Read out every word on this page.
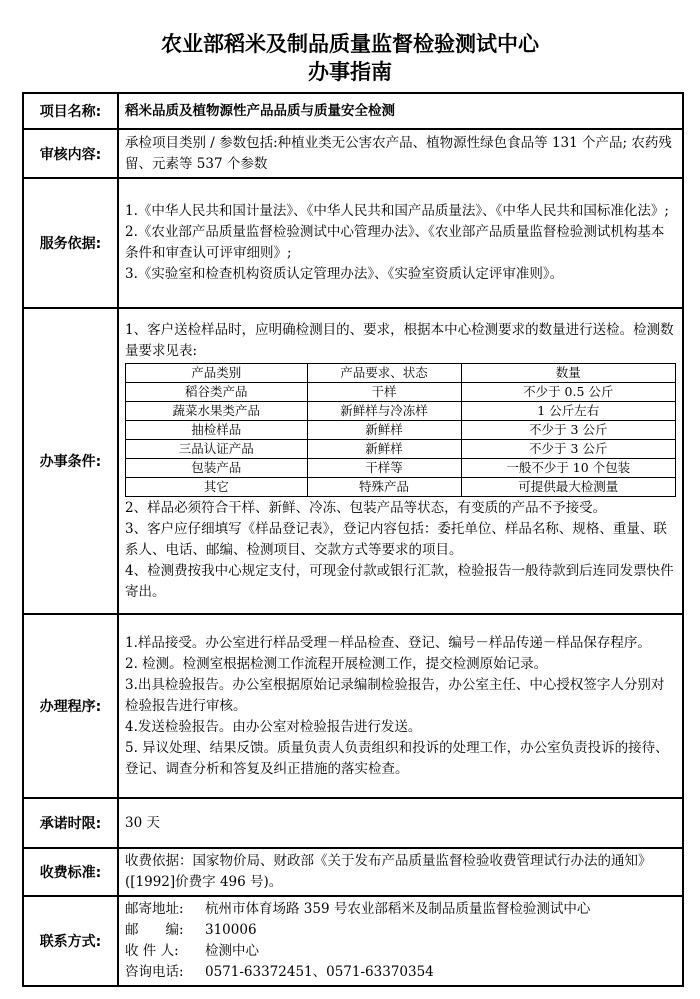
农业部稻米及制品质量监督检验测试中心
办事指南
项目名称:	稻米品质及植物源性产品品质与质量安全检测
审核内容:	承检项目类别 / 参数包括:种植业类无公害农产品、植物源性绿色食品等 131 个产品; 农药残留、元素等 537 个参数
服务依据:	
1.《中华人民共和国计量法》、《中华人民共和国产品质量法》、《中华人民共和国标准化法》;
2.《农业部产品质量监督检验测试中心管理办法》、《农业部产品质量监督检验测试机构基本条件和审查认可评审细则》;
3.《实验室和检查机构资质认定管理办法》、《实验室资质认定评审准则》。

办事条件:	
1、客户送检样品时，应明确检测目的、要求，根据本中心检测要求的数量进行送检。检测数量要求见表:
产品类别	产品要求、状态	数量
稻谷类产品	干样	不少于 0.5 公斤
蔬菜水果类产品	新鲜样与冷冻样	1 公斤左右
抽检样品	新鲜样	不少于 3 公斤
三品认证产品	新鲜样	不少于 3 公斤
包装产品	干样等	一般不少于 10 个包装
其它	特殊产品	可提供最大检测量
2、样品必须符合干样、新鲜、冷冻、包装产品等状态，有变质的产品不予接受。
3、客户应仔细填写《样品登记表》，登记内容包括：委托单位、样品名称、规格、重量、联系人、电话、邮编、检测项目、交款方式等要求的项目。
4、检测费按我中心规定支付，可现金付款或银行汇款，检验报告一般待款到后连同发票快件寄出。

办理程序:	
1.样品接受。办公室进行样品受理－样品检查、登记、编号－样品传递－样品保存程序。
2. 检测。检测室根据检测工作流程开展检测工作，提交检测原始记录。
3.出具检验报告。办公室根据原始记录编制检验报告，办公室主任、中心授权签字人分别对检验报告进行审核。
4.发送检验报告。由办公室对检验报告进行发送。
5. 异议处理、结果反馈。质量负责人负责组织和投诉的处理工作，办公室负责投诉的接待、登记、调查分析和答复及纠正措施的落实检查。

承诺时限:	30 天
收费标准:	收费依据：国家物价局、财政部《关于发布产品质量监督检验收费管理试行办法的通知》([1992]价费字 496 号)。
联系方式:	
邮寄地址: 杭州市体育场路 359 号农业部稻米及制品质量监督检验测试中心
邮　　编: 310006
收 件 人: 检测中心
咨询电话: 0571-63372451、0571-63370354
